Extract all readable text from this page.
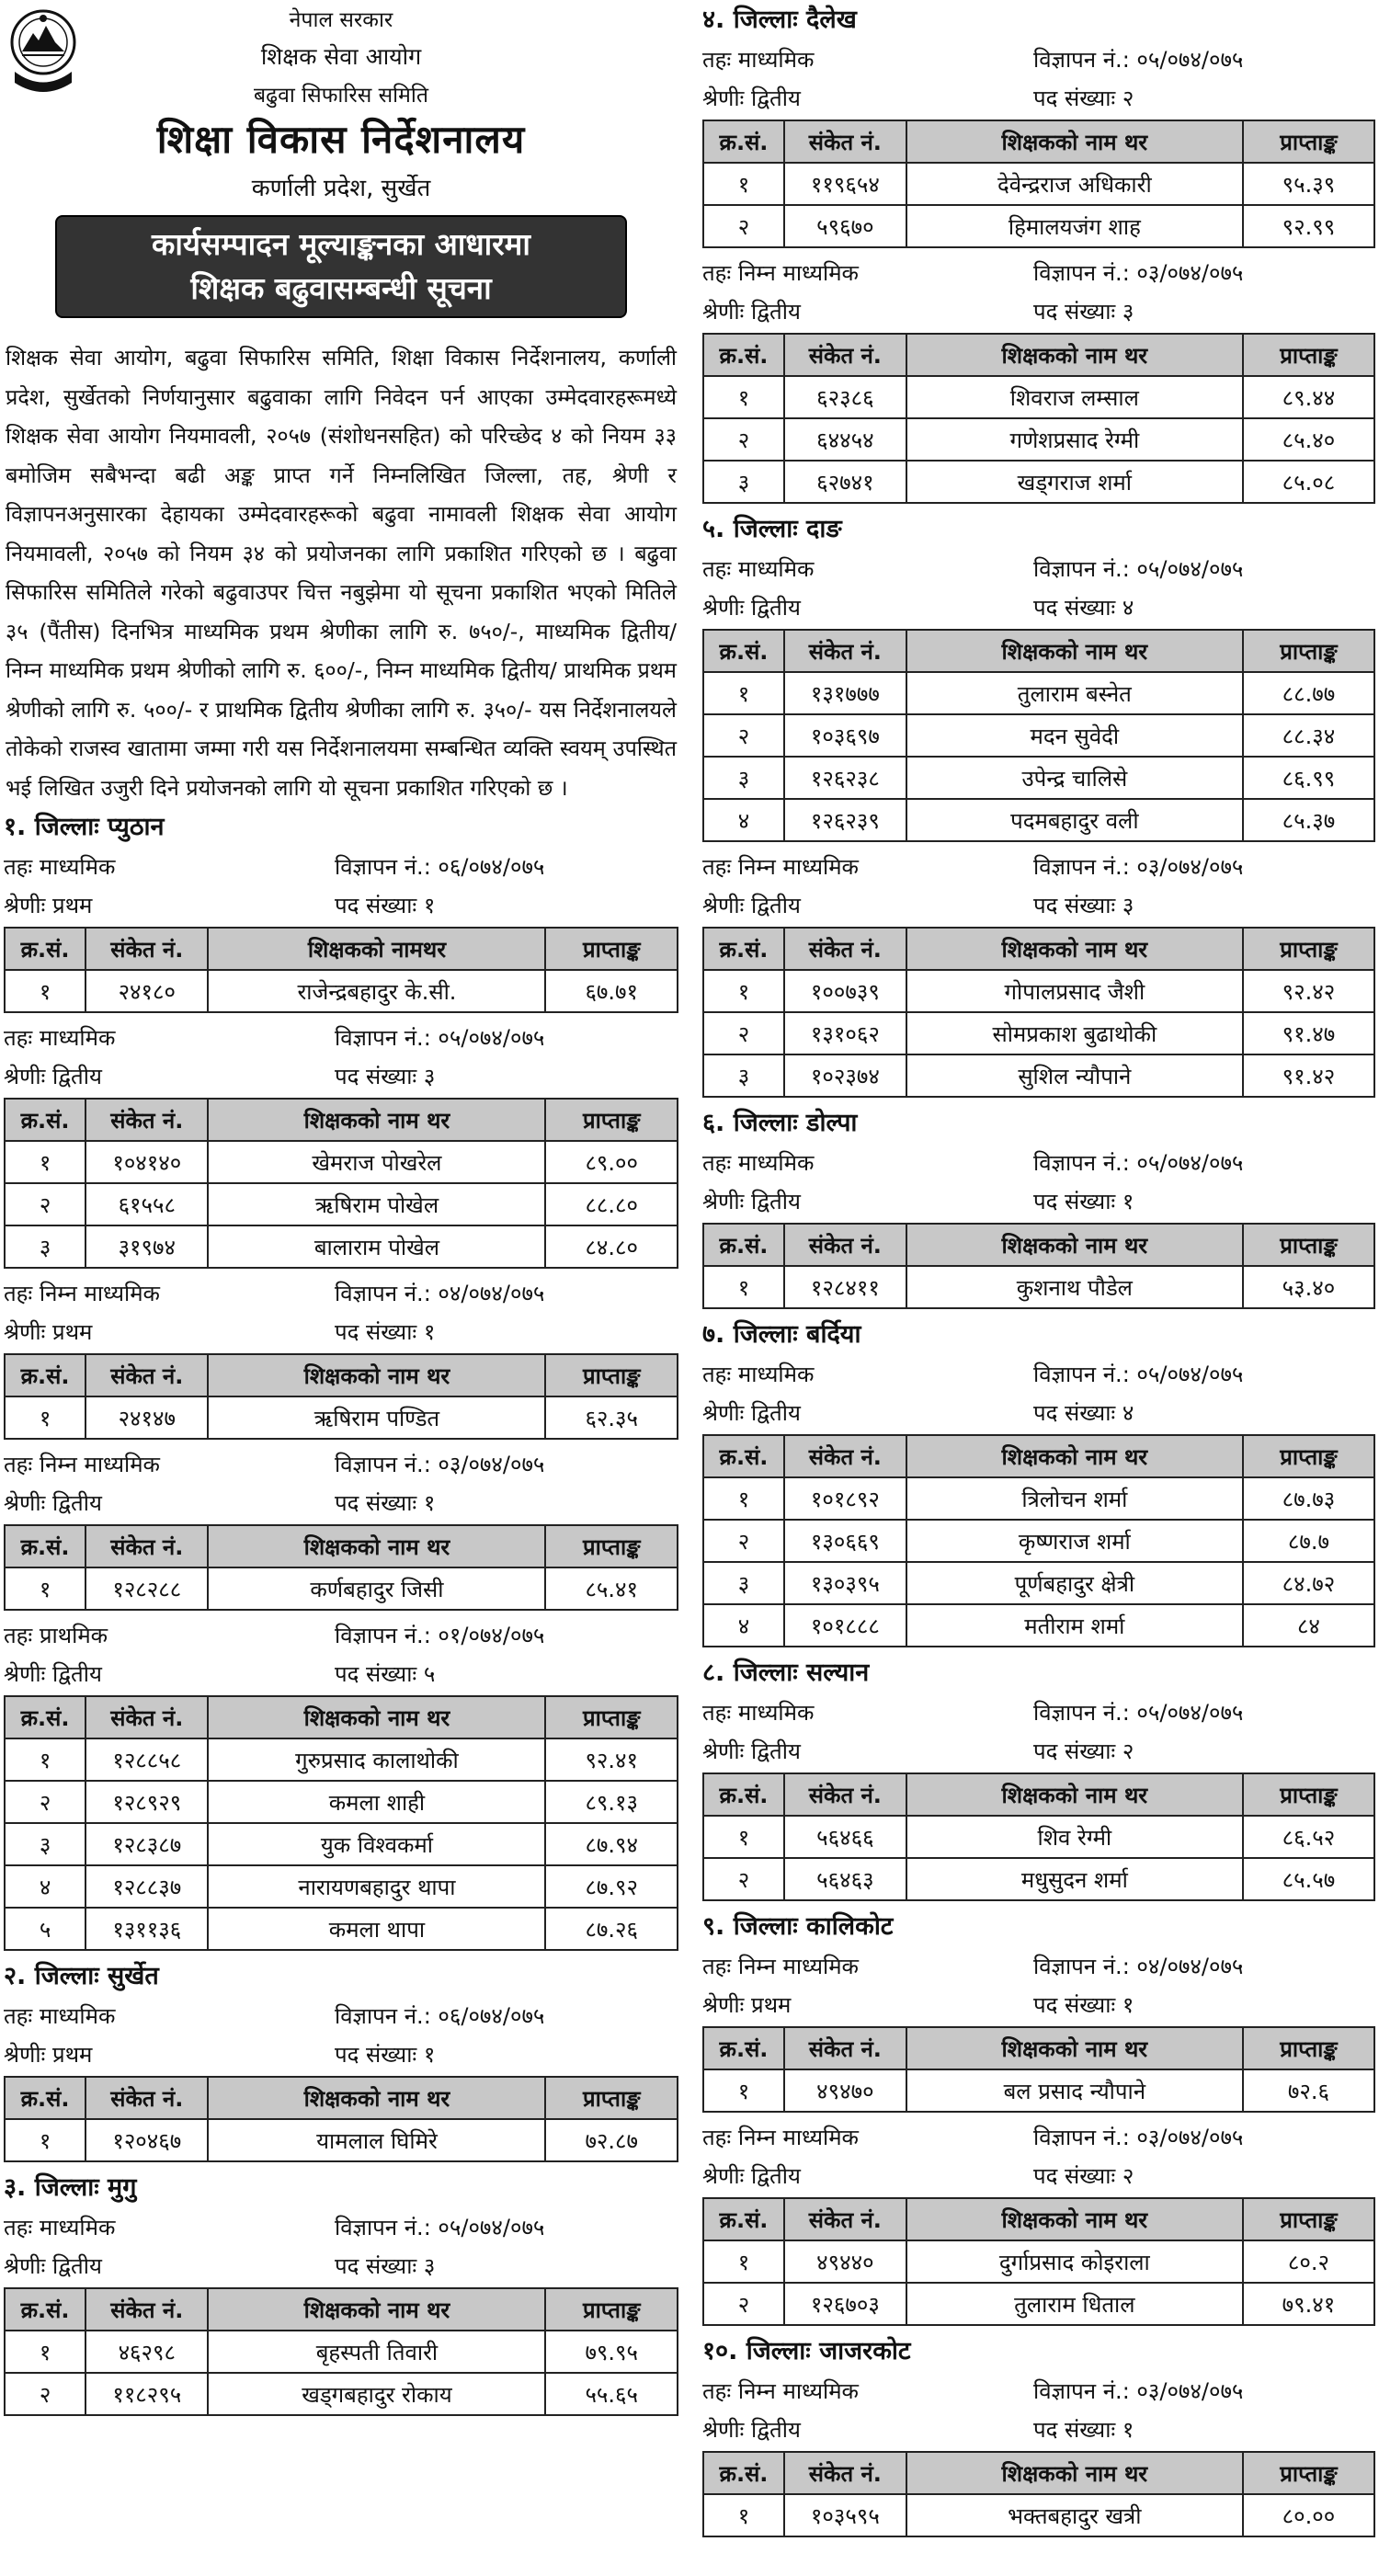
नेपाल सरकार
शिक्षक सेवा आयोग
बढुवा सिफारिस समिति
शिक्षा विकास निर्देशनालय
कर्णाली प्रदेश, सुर्खेत
कार्यसम्पादन मूल्याङ्कनका आधारमा
शिक्षक बढुवासम्बन्धी सूचना
शिक्षक सेवा आयोग, बढुवा सिफारिस समिति, शिक्षा विकास निर्देशनालय, कर्णाली प्रदेश, सुर्खेतको निर्णयानुसार बढुवाका लागि निवेदन पर्न आएका उम्मेदवारहरूमध्ये शिक्षक सेवा आयोग नियमावली, २०५७ (संशोधनसहित) को परिच्छेद ४ को नियम ३३ बमोजिम सबैभन्दा बढी अङ्क प्राप्त गर्ने निम्नलिखित जिल्ला, तह, श्रेणी र विज्ञापनअनुसारका देहायका उम्मेदवारहरूको बढुवा नामावली शिक्षक सेवा आयोग नियमावली, २०५७ को नियम ३४ को प्रयोजनका लागि प्रकाशित गरिएको छ । बढुवा सिफारिस समितिले गरेको बढुवाउपर चित्त नबुझेमा यो सूचना प्रकाशित भएको मितिले ३५ (पैंतीस) दिनभित्र माध्यमिक प्रथम श्रेणीका लागि रु. ७५०/-, माध्यमिक द्वितीय/ निम्न माध्यमिक प्रथम श्रेणीको लागि रु. ६००/-, निम्न माध्यमिक द्वितीय/ प्राथमिक प्रथम श्रेणीको लागि रु. ५००/- र प्राथमिक द्वितीय श्रेणीका लागि रु. ३५०/- यस निर्देशनालयले तोकेको राजस्व खातामा जम्मा गरी यस निर्देशनालयमा सम्बन्धित व्यक्ति स्वयम् उपस्थित भई लिखित उजुरी दिने प्रयोजनको लागि यो सूचना प्रकाशित गरिएको छ ।
१. जिल्लाः प्युठान
तहः माध्यमिक	विज्ञापन नं.: ०६/०७४/०७५
श्रेणीः प्रथम	पद संख्याः १
क्र.सं.	संकेत नं.	शिक्षकको नामथर	प्राप्ताङ्क
१	२४१८०	राजेन्द्रबहादुर के.सी.	६७.७१
तहः माध्यमिक	विज्ञापन नं.: ०५/०७४/०७५
श्रेणीः द्वितीय	पद संख्याः ३
क्र.सं.	संकेत नं.	शिक्षकको नाम थर	प्राप्ताङ्क
१	१०४१४०	खेमराज पोखरेल	८९.००
२	६१५५८	ऋषिराम पोखेल	८८.८०
३	३१९७४	बालाराम पोखेल	८४.८०
तहः निम्न माध्यमिक	विज्ञापन नं.: ०४/०७४/०७५
श्रेणीः प्रथम	पद संख्याः १
क्र.सं.	संकेत नं.	शिक्षकको नाम थर	प्राप्ताङ्क
१	२४१४७	ऋषिराम पण्डित	६२.३५
तहः निम्न माध्यमिक	विज्ञापन नं.: ०३/०७४/०७५
श्रेणीः द्वितीय	पद संख्याः १
क्र.सं.	संकेत नं.	शिक्षकको नाम थर	प्राप्ताङ्क
१	१२८२८८	कर्णबहादुर जिसी	८५.४१
तहः प्राथमिक	विज्ञापन नं.: ०१/०७४/०७५
श्रेणीः द्वितीय	पद संख्याः ५
क्र.सं.	संकेत नं.	शिक्षकको नाम थर	प्राप्ताङ्क
१	१२८८५८	गुरुप्रसाद कालाथोकी	९२.४१
२	१२८९२९	कमला शाही	८९.१३
३	१२८३८७	युक विश्वकर्मा	८७.९४
४	१२८८३७	नारायणबहादुर थापा	८७.९२
५	१३११३६	कमला थापा	८७.२६
२. जिल्लाः सुर्खेत
तहः माध्यमिक	विज्ञापन नं.: ०६/०७४/०७५
श्रेणीः प्रथम	पद संख्याः १
क्र.सं.	संकेत नं.	शिक्षकको नाम थर	प्राप्ताङ्क
१	१२०४६७	यामलाल घिमिरे	७२.८७
३. जिल्लाः मुगु
तहः माध्यमिक	विज्ञापन नं.: ०५/०७४/०७५
श्रेणीः द्वितीय	पद संख्याः ३
क्र.सं.	संकेत नं.	शिक्षकको नाम थर	प्राप्ताङ्क
१	४६२९८	बृहस्पती तिवारी	७९.९५
२	११८२९५	खड्गबहादुर रोकाय	५५.६५
४. जिल्लाः दैलेख
तहः माध्यमिक	विज्ञापन नं.: ०५/०७४/०७५
श्रेणीः द्वितीय	पद संख्याः २
क्र.सं.	संकेत नं.	शिक्षकको नाम थर	प्राप्ताङ्क
१	११९६५४	देवेन्द्रराज अधिकारी	९५.३९
२	५९६७०	हिमालयजंग शाह	९२.९९
तहः निम्न माध्यमिक	विज्ञापन नं.: ०३/०७४/०७५
श्रेणीः द्वितीय	पद संख्याः ३
क्र.सं.	संकेत नं.	शिक्षकको नाम थर	प्राप्ताङ्क
१	६२३८६	शिवराज लम्साल	८९.४४
२	६४४५४	गणेशप्रसाद रेग्मी	८५.४०
३	६२७४१	खड्गराज शर्मा	८५.०८
५. जिल्लाः दाङ
तहः माध्यमिक	विज्ञापन नं.: ०५/०७४/०७५
श्रेणीः द्वितीय	पद संख्याः ४
क्र.सं.	संकेत नं.	शिक्षकको नाम थर	प्राप्ताङ्क
१	१३१७७७	तुलाराम बस्नेत	८८.७७
२	१०३६९७	मदन सुवेदी	८८.३४
३	१२६२३८	उपेन्द्र चालिसे	८६.९९
४	१२६२३९	पदमबहादुर वली	८५.३७
तहः निम्न माध्यमिक	विज्ञापन नं.: ०३/०७४/०७५
श्रेणीः द्वितीय	पद संख्याः ३
क्र.सं.	संकेत नं.	शिक्षकको नाम थर	प्राप्ताङ्क
१	१००७३९	गोपालप्रसाद जैशी	९२.४२
२	१३१०६२	सोमप्रकाश बुढाथोकी	९१.४७
३	१०२३७४	सुशिल न्यौपाने	९१.४२
६. जिल्लाः डोल्पा
तहः माध्यमिक	विज्ञापन नं.: ०५/०७४/०७५
श्रेणीः द्वितीय	पद संख्याः १
क्र.सं.	संकेत नं.	शिक्षकको नाम थर	प्राप्ताङ्क
१	१२८४११	कुशनाथ पौडेल	५३.४०
७. जिल्लाः बर्दिया
तहः माध्यमिक	विज्ञापन नं.: ०५/०७४/०७५
श्रेणीः द्वितीय	पद संख्याः ४
क्र.सं.	संकेत नं.	शिक्षकको नाम थर	प्राप्ताङ्क
१	१०१८९२	त्रिलोचन शर्मा	८७.७३
२	१३०६६९	कृष्णराज शर्मा	८७.७
३	१३०३९५	पूर्णबहादुर क्षेत्री	८४.७२
४	१०१८८८	मतीराम शर्मा	८४
८. जिल्लाः सल्यान
तहः माध्यमिक	विज्ञापन नं.: ०५/०७४/०७५
श्रेणीः द्वितीय	पद संख्याः २
क्र.सं.	संकेत नं.	शिक्षकको नाम थर	प्राप्ताङ्क
१	५६४६६	शिव रेग्मी	८६.५२
२	५६४६३	मधुसुदन शर्मा	८५.५७
९. जिल्लाः कालिकोट
तहः निम्न माध्यमिक	विज्ञापन नं.: ०४/०७४/०७५
श्रेणीः प्रथम	पद संख्याः १
क्र.सं.	संकेत नं.	शिक्षकको नाम थर	प्राप्ताङ्क
१	४९४७०	बल प्रसाद न्यौपाने	७२.६
तहः निम्न माध्यमिक	विज्ञापन नं.: ०३/०७४/०७५
श्रेणीः द्वितीय	पद संख्याः २
क्र.सं.	संकेत नं.	शिक्षकको नाम थर	प्राप्ताङ्क
१	४९४४०	दुर्गाप्रसाद कोइराला	८०.२
२	१२६७०३	तुलाराम धिताल	७९.४१
१०. जिल्लाः जाजरकोट
तहः निम्न माध्यमिक	विज्ञापन नं.: ०३/०७४/०७५
श्रेणीः द्वितीय	पद संख्याः १
क्र.सं.	संकेत नं.	शिक्षकको नाम थर	प्राप्ताङ्क
१	१०३५९५	भक्तबहादुर खत्री	८०.००
